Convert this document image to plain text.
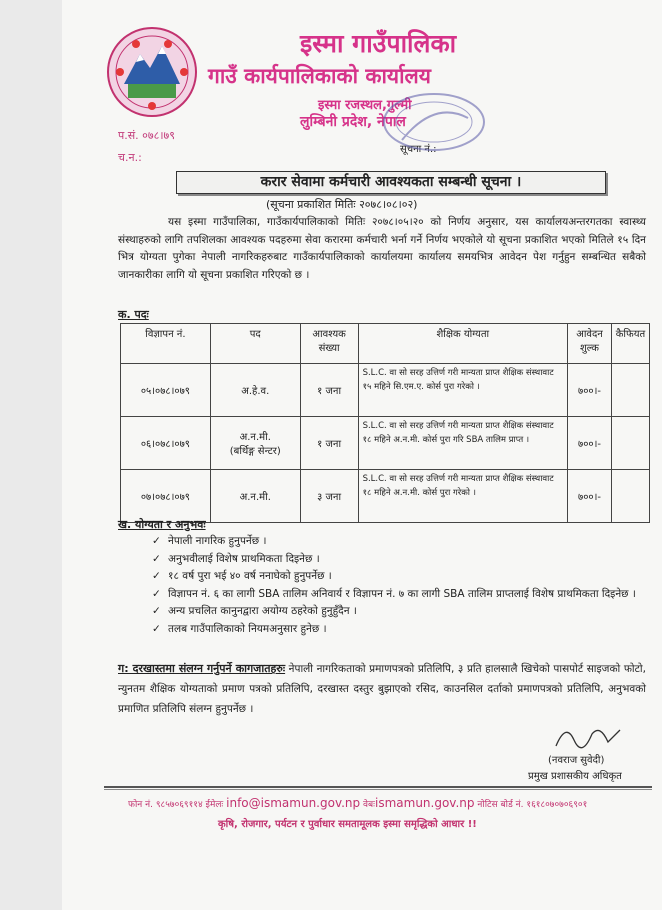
इस्मा गाउँपालिका
गाउँ कार्यपालिकाको कार्यालय
इस्मा रजस्थल,गुल्मी
लुम्बिनी प्रदेश, नेपाल
प.सं. ०७८।७९
च.न.:
सूचना नं.:
करार सेवामा कर्मचारी आवश्यकता सम्बन्धी सूचना ।
(सूचना प्रकाशित मितिः २०७८।०८।०२)
यस इस्मा गाउँपालिका, गाउँकार्यपालिकाको मितिः २०७८।०५।२० को निर्णय अनुसार, यस कार्यालयअन्तरगतका स्वास्थ्य संस्थाहरुको लागि तपशिलका आवश्यक पदहरुमा सेवा करारमा कर्मचारी भर्ना गर्ने निर्णय भएकोले यो सूचना प्रकाशित भएको मितिले १५ दिन भित्र योग्यता पुगेका नेपाली नागरिकहरुबाट गाउँकार्यपालिकाको कार्यालयमा कार्यालय समयभित्र आवेदन पेश गर्नुहुन सम्बन्धित सबैको जानकारीका लागि यो सूचना प्रकाशित गरिएको छ ।
क. पदः
विज्ञापन नं.	पद	आवश्यक संख्या	शैक्षिक योग्यता	आवेदन शुल्क	कैफियत
०५।०७८।०७९	अ.हे.व.	१ जना	S.L.C. वा सो सरह उत्तिर्ण गरी मान्यता प्राप्त शैक्षिक संस्थावाट १५ महिने सि.एम.ए. कोर्स पुरा गरेको ।	७००।-	
०६।०७८।०७९	अ.न.मी.
(बर्थिङ्ग सेन्टर)	१ जना	S.L.C. वा सो सरह उत्तिर्ण गरी मान्यता प्राप्त शैक्षिक संस्थावाट १८ महिने अ.न.मी. कोर्स पुरा गरि SBA तालिम प्राप्त ।	७००।-	
०७।०७८।०७९	अ.न.मी.	३ जना	S.L.C. वा सो सरह उत्तिर्ण गरी मान्यता प्राप्त शैक्षिक संस्थावाट १८ महिने अ.न.मी. कोर्स पुरा गरेको ।	७००।-	
ख. योग्यता र अनुभवः
✓ नेपाली नागरिक हुनुपर्नेछ ।
✓ अनुभवीलाई विशेष प्राथमिकता दिइनेछ ।
✓ १८ वर्ष पुरा भई ४० वर्ष ननाघेको हुनुपर्नेछ ।
✓ विज्ञापन नं. ६ का लागी SBA तालिम अनिवार्य र विज्ञापन नं. ७ का लागी SBA तालिम प्राप्तलाई विशेष प्राथमिकता दिइनेछ ।
✓ अन्य प्रचलित कानुनद्वारा अयोग्य ठहरेको हुनुहुँदैन ।
✓ तलब गाउँपालिकाको नियमअनुसार हुनेछ ।
ग: दरखास्तमा संलग्न गर्नुपर्ने कागजातहरुः नेपाली नागरिकताको प्रमाणपत्रको प्रतिलिपि, ३ प्रति हालसालै खिचेको पासपोर्ट साइजको फोटो, न्युनतम शैक्षिक योग्यताको प्रमाण पत्रको प्रतिलिपि, दरखास्त दस्तुर बुझाएको रसिद, काउनसिल दर्ताको प्रमाणपत्रको प्रतिलिपि, अनुभवको प्रमाणित प्रतिलिपि संलग्न हुनुपर्नेछ ।
(नवराज सुवेदी)
प्रमुख प्रशासकीय अधिकृत
फोन नं. ९८५७०६९११४ ईमेलः info@ismamun.gov.np वेबःismamun.gov.np नोटिस बोर्ड नं. १६१८०७०७०६९०१
कृषि, रोजगार, पर्यटन र पुर्वाधार समतामूलक इस्मा समृद्धिको आधार !!
